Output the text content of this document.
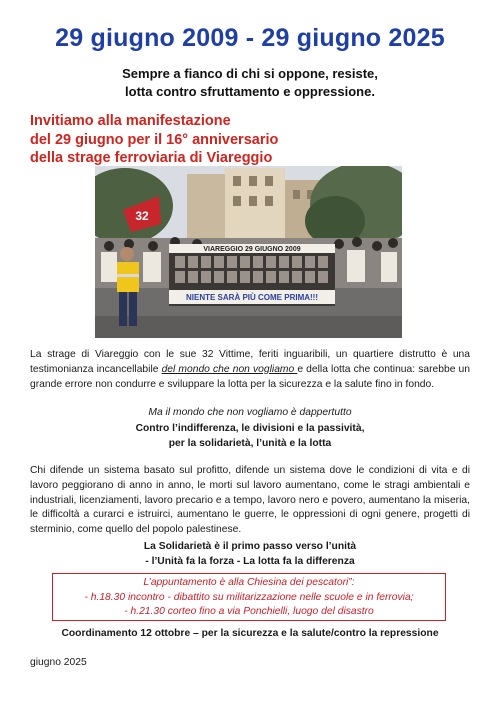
29 giugno 2009 - 29 giugno 2025
Sempre a fianco di chi si oppone, resiste,
lotta contro sfruttamento e oppressione.
Invitiamo alla manifestazione
del 29 giugno per il 16° anniversario
della strage ferroviaria di Viareggio
32
VIAREGGIO 29 GIUGNO 2009
NIENTE SARÀ PIÙ COME PRIMA!!!
La strage di Viareggio con le sue 32 Vittime, feriti inguaribili, un quartiere distrutto è una testimonianza incancellabile del mondo che non vogliamo e della lotta che continua: sarebbe un grande errore non condurre e sviluppare la lotta per la sicurezza e la salute fino in fondo.
Ma il mondo che non vogliamo è dappertutto
Contro l’indifferenza, le divisioni e la passività,
per la solidarietà, l’unità e la lotta
Chi difende un sistema basato sul profitto, difende un sistema dove le condizioni di vita e di lavoro peggiorano di anno in anno, le morti sul lavoro aumentano, come le stragi ambientali e industriali, licenziamenti, lavoro precario e a tempo, lavoro nero e povero, aumentano la miseria, le difficoltà a curarci e istruirci, aumentano le guerre, le oppressioni di ogni genere, progetti di sterminio, come quello del popolo palestinese.
La Solidarietà è il primo passo verso l’unità
- l’Unità fa la forza - La lotta fa la differenza
L’appuntamento è alla Chiesina dei pescatori”:
- h.18.30 incontro - dibattito su militarizzazione nelle scuole e in ferrovia;
- h.21.30 corteo fino a via Ponchielli, luogo del disastro
Coordinamento 12 ottobre – per la sicurezza e la salute/contro la repressione
giugno 2025
